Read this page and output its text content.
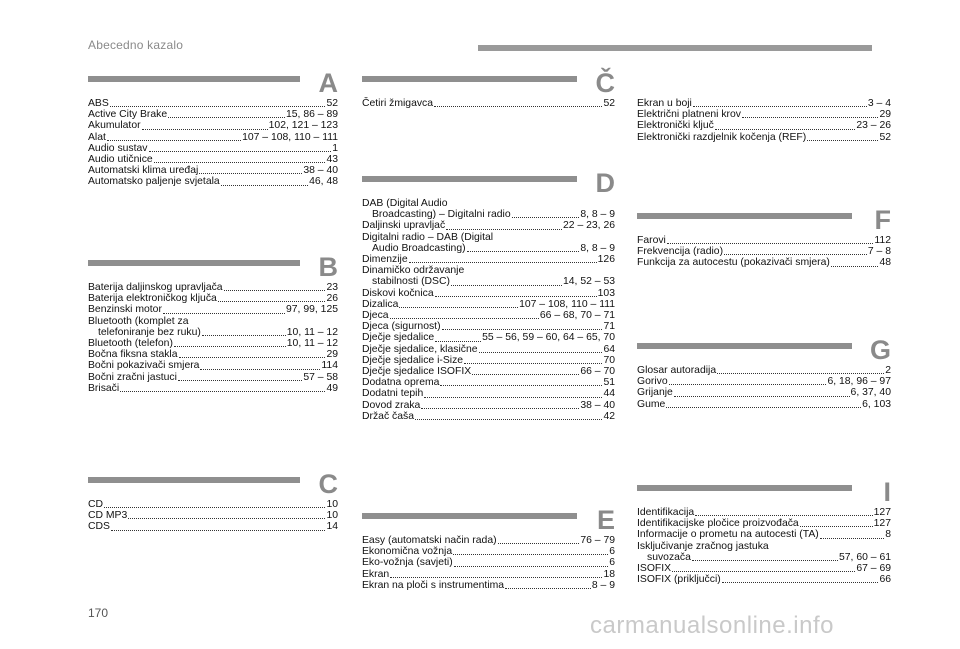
Abecedno kazalo
A
ABS	52
Active City Brake	15, 86 – 89
Akumulator	102, 121 – 123
Alat	107 – 108, 110 – 111
Audio sustav	1
Audio utičnice	43
Automatski klima uređaj	38 – 40
Automatsko paljenje svjetala	46, 48
B
Baterija daljinskog upravljača	23
Baterija elektroničkog ključa	26
Benzinski motor	97, 99, 125
Bluetooth (komplet za
telefoniranje bez ruku)	10, 11 – 12
Bluetooth (telefon)	10, 11 – 12
Bočna fiksna stakla	29
Bočni pokazivači smjera	114
Bočni zračni jastuci	57 – 58
Brisači	49
C
CD	10
CD MP3	10
CDS	14
Č
Četiri žmigavca	52
D
DAB (Digital Audio
Broadcasting) – Digitalni radio	8, 8 – 9
Daljinski upravljač	22 – 23, 26
Digitalni radio – DAB (Digital
Audio Broadcasting)	8, 8 – 9
Dimenzije	126
Dinamičko održavanje
stabilnosti (DSC)	14, 52 – 53
Diskovi kočnica	103
Dizalica	107 – 108, 110 – 111
Djeca	66 – 68, 70 – 71
Djeca (sigurnost)	71
Dječje sjedalice	55 – 56, 59 – 60, 64 – 65, 70
Dječje sjedalice, klasične	64
Dječje sjedalice i-Size	70
Dječje sjedalice ISOFIX	66 – 70
Dodatna oprema	51
Dodatni tepih	44
Dovod zraka	38 – 40
Držač čaša	42
E
Easy (automatski način rada)	76 – 79
Ekonomična vožnja	6
Eko-vožnja (savjeti)	6
Ekran	18
Ekran na ploči s instrumentima	8 – 9
Ekran u boji	3 – 4
Električni platneni krov	29
Elektronički ključ	23 – 26
Elektronički razdjelnik kočenja (REF)	52
F
Farovi	112
Frekvencija (radio)	7 – 8
Funkcija za autocestu (pokazivači smjera)	48
G
Glosar autoradija	2
Gorivo	6, 18, 96 – 97
Grijanje	6, 37, 40
Gume	6, 103
I
Identifikacija	127
Identifikacijske pločice proizvođača	127
Informacije o prometu na autocesti (TA)	8
Isključivanje zračnog jastuka
suvozača	57, 60 – 61
ISOFIX	67 – 69
ISOFIX (priključci)	66
170	carmanualsonline.info
